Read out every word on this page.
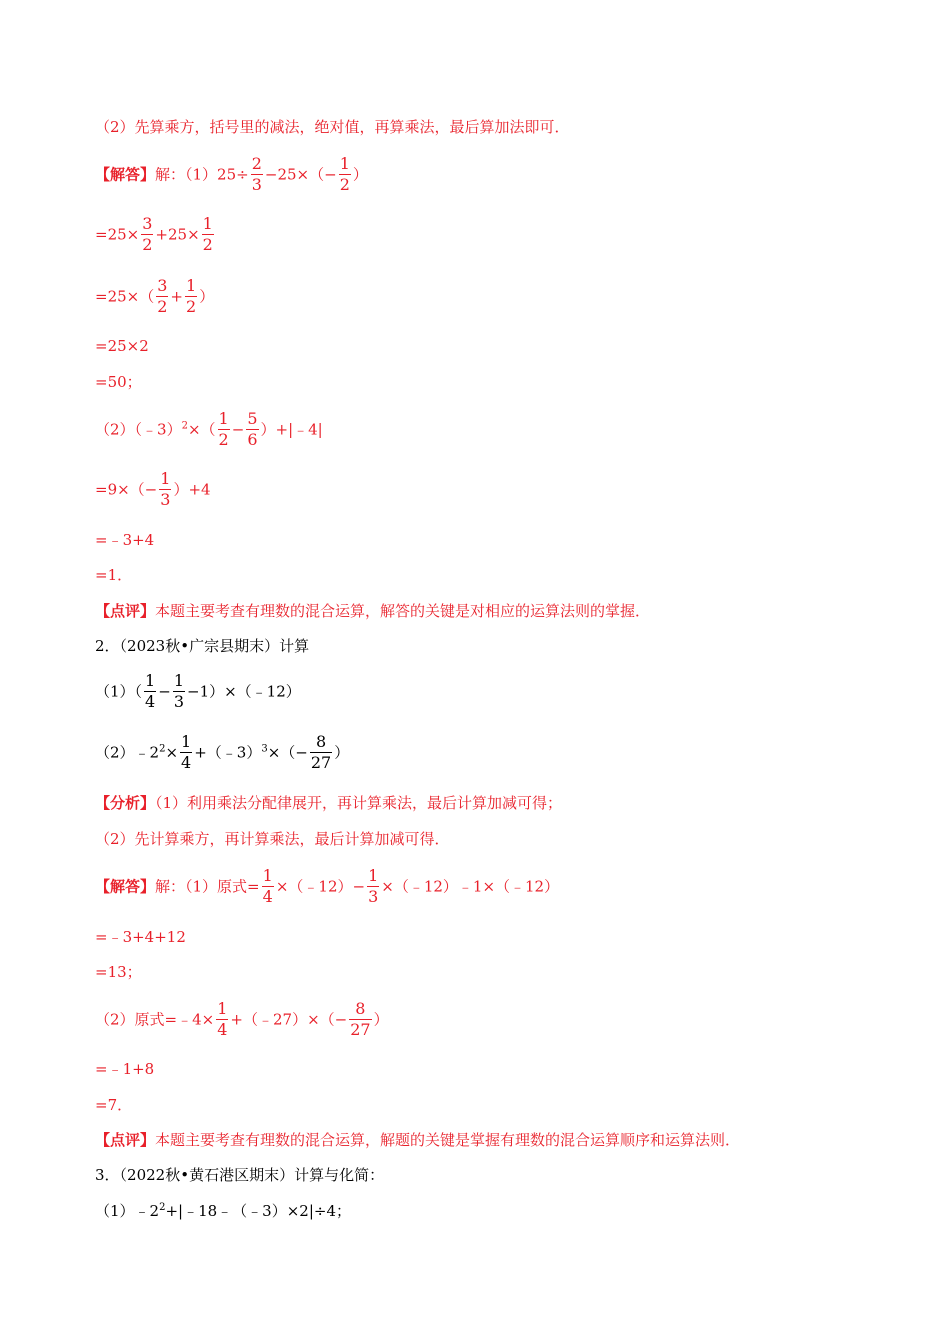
（2）先算乘方，括号里的减法，绝对值，再算乘法，最后算加法即可．
【解答】解：$(1)25\div \frac{2}{3} -25\times(- \frac{1}{2}$ ）
$=25\times \frac{3}{2} +25\times \frac{1}{2}$
$=25\times( \frac{3}{2} + \frac{1}{2}$ ）
=25×2
=50；
（2）（﹣3）$^2$×（ $\frac{1}{2} - \frac{5}{6}$ ）+|﹣4|
$=9\times(- \frac{1}{3} )+4$
=﹣3+4
=1．
【点评】本题主要考查有理数的混合运算，解答的关键是对相应的运算法则的掌握．
2．（2023秋•广宗县期末）计算
$(1)( \frac{1}{4} - \frac{1}{3}$ −1）×（﹣12）
$(2)﹣2^2\times \frac{1}{4}$ +（﹣3）$^3$×（− $\frac{8}{27}$ ）
【分析】（1）利用乘法分配律展开，再计算乘法，最后计算加减可得；
（2）先计算乘方，再计算乘法，最后计算加减可得．
【解答】解：（1）原式= $\frac{1}{4}$ ×（﹣12）− $\frac{1}{3}$ ×（﹣12）﹣1×（﹣12）
=﹣3+4+12
=13；
（2）原式=﹣4× $\frac{1}{4}$ +（﹣27）×（− $\frac{8}{27}$ ）
=﹣1+8
=7．
【点评】本题主要考查有理数的混合运算，解题的关键是掌握有理数的混合运算顺序和运算法则．
3．（2022秋•黄石港区期末）计算与化简：
$(1)﹣2^2+|﹣18﹣(﹣3)\times 2|\div 4$；
